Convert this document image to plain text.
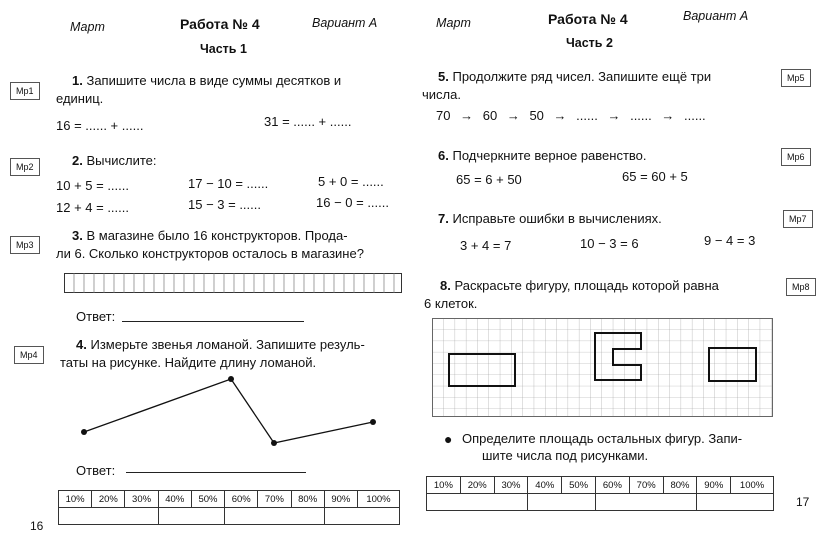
Март	Работа № 4	Вариант А
Часть 1
Мр1
1. Запишите числа в виде суммы десятков и
единиц.
16 = ...... + ......	31 = ...... + ......
Мр2	2. Вычислите:
10 + 5 = ......	17 − 10 = ......	5 + 0 = ......
12 + 4 = ......	15 − 3 = ......	16 − 0 = ......
Мр3
3. В магазине было 16 конструкторов. Прода-
ли 6. Сколько конструкторов осталось в магазине?
Ответ:
Мр4
4. Измерьте звенья ломаной. Запишите резуль-
таты на рисунке. Найдите длину ломаной.
Ответ:
10%	20%	30%	40%	50%	60%	70%	80%	90%	100%

16
Март	Работа № 4	Вариант А
Часть 2
Мр5
5. Продолжите ряд чисел. Запишите ещё три
числа.
70 → 60 → 50 → ...... → ...... → ......
Мр6
6. Подчеркните верное равенство.
65 = 6 + 50	65 = 60 + 5
Мр7
7. Исправьте ошибки в вычислениях.
3 + 4 = 7	10 − 3 = 6	9 − 4 = 3
Мр8
8. Раскрасьте фигуру, площадь которой равна
6 клеток.
● Определите площадь остальных фигур. Запи-
шите числа под рисунками.
10%	20%	30%	40%	50%	60%	70%	80%	90%	100%

17
